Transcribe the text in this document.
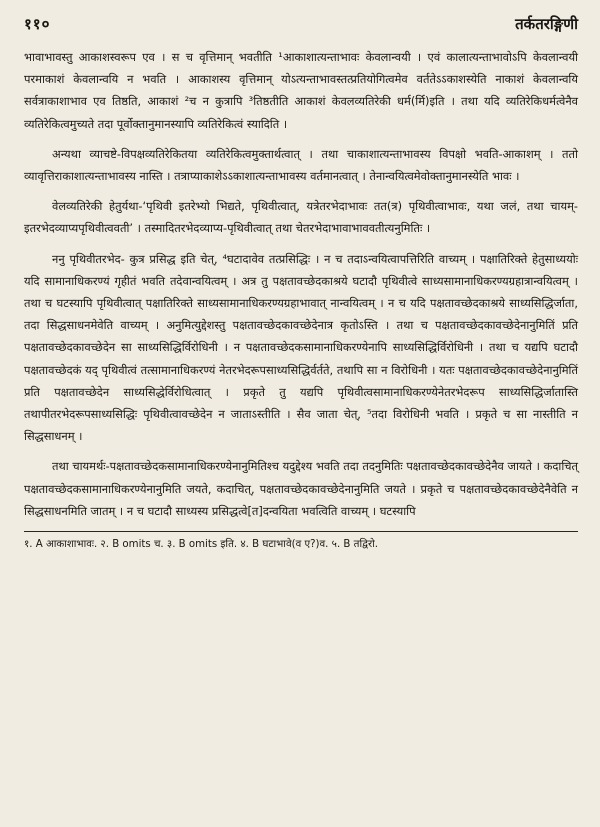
११०	तर्कतरङ्गिणी

भावाभावस्तु आकाशस्वरूप एव । स च वृत्तिमान् भवतीति ¹आकाशात्यन्ताभावः केवलान्वयी । एवं कालात्यन्ताभावोऽपि केवलान्वयी परमाकाशं केवलान्वयि न भवति । आकाशस्य वृत्तिमान् योऽत्यन्ताभावस्तत्प्रतियोगित्वमेव वर्तते‍ऽऽकाशस्येति नाकाशं केवलान्वयि सर्वत्राकाशाभाव एव तिष्ठति, आकाशं ²च न कुत्रापि ³तिष्ठतीति आकाशं केवलव्यतिरेकी धर्म(र्मि)इति । तथा यदि व्यतिरेकिधर्मत्वेनैव व्यतिरेकित्वमुच्यते तदा पूर्वोक्तानुमानस्यापि व्यतिरेकित्वं स्यादिति ।

अन्यथा व्याचष्टे-विपक्षव्यतिरेकितया व्यतिरेकित्वमुक्तार्थत्वात् । तथा चाकाशात्यन्ताभावस्य विपक्षो भवति-आकाशम् । ततो व्यावृत्तिराकाशात्यन्ताभावस्य नास्ति । तत्राप्याकाशेऽऽकाशात्यन्ताभावस्य वर्तमानत्वात् । तेनान्वयित्वमेवोक्तानुमानस्येति भावः ।

वेलव्यतिरेकी हेतुर्यथा-‘पृथिवी इतरेभ्यो भिद्यते, पृथिवीत्वात्, यत्रेतरभेदाभावः तत(त्र) पृथिवीत्वाभावः, यथा जलं, तथा चायम्-इतरभेदव्याप्यपृथिवीत्ववती’ । तस्मादितरभेदव्याप्य-पृथिवीत्वात् तथा चेतरभेदाभावाभाववतीत्यनुमितिः ।

ननु पृथिवीतरभेद- कुत्र प्रसिद्ध इति चेत्, ⁴घटादावेव तत्प्रसिद्धिः । न च तदाऽन्वयित्वापत्तिरिति वाच्यम् । पक्षातिरिक्ते हेतुसाध्ययोः यदि सामानाधिकरण्यं गृहीतं भवति तदेवान्वयित्वम् । अत्र तु पक्षतावच्छेदकाश्रये घटादौ पृथिवीत्वे साध्यसामानाधिकरण्यग्रहात्रान्वयित्वम् । तथा च घटस्यापि पृथिवीत्वात् पक्षातिरिक्ते साध्यसामानाधिकरण्यग्रहाभावात् नान्वयित्वम् । न च यदि पक्षतावच्छेदकाश्रये साध्यसिद्धिर्जाता, तदा सिद्धसाधनमेवेति वाच्यम् । अनुमित्युद्देशस्तु पक्षतावच्छेदकावच्छेदेनात्र कृतोऽस्ति । तथा च पक्षतावच्छेदकावच्छेदेनानुमितिं प्रति पक्षतावच्छेदकावच्छेदेन सा साध्यसिद्धिर्विरोधिनी । न पक्षतावच्छेदकसामानाधिकरण्येनापि साध्यसिद्धिर्विरोधिनी । तथा च यद्यपि घटादौ पक्षतावच्छेदकं यद् पृथिवीत्वं तत्सामानाधिकरण्यं नेतरभेदरूपसाध्यसिद्धिर्वर्तते, तथापि सा न विरोधिनी । यतः पक्षतावच्छेदकावच्छेदेनानुमितिं प्रति पक्षतावच्छेदेन साध्यसिद्धेर्विरोधित्वात् । प्रकृते तु यद्यपि पृथिवीत्वसामानाधिकरण्येनेतरभेदरूप साध्यसिद्धिर्जातास्ति तथापीतरभेदरूपसाध्यसिद्धिः पृथिवीत्वावच्छेदेन न जाताऽस्तीति । सैव जाता चेत्, ⁵तदा विरोधिनी भवति । प्रकृते च सा नास्तीति न सिद्धसाधनम् ।

तथा चायमर्थः-पक्षतावच्छेदकसामानाधिकरण्येनानुमितिश्च यदुद्देश्य भवति तदा तदनुमितिः पक्षतावच्छेदकावच्छेदेनैव जायते । कदाचित् पक्षतावच्छेदकसामानाधिकरण्येनानुमिति जयते, कदाचित्, पक्षतावच्छेदकावच्छेदेनानुमिति जयते । प्रकृते च पक्षतावच्छेदकावच्छेदेनैवेति न सिद्धसाधनमिति जातम् । न च घटादौ साध्यस्य प्रसिद्धत्वे[त]दन्वयिता भवत्विति वाच्यम् । घटस्यापि

१. A आकाशाभावः. २. B omits च. ३. B omits इति. ४. B घटाभावे(व ए?)व. ५. B तद्विरो.
